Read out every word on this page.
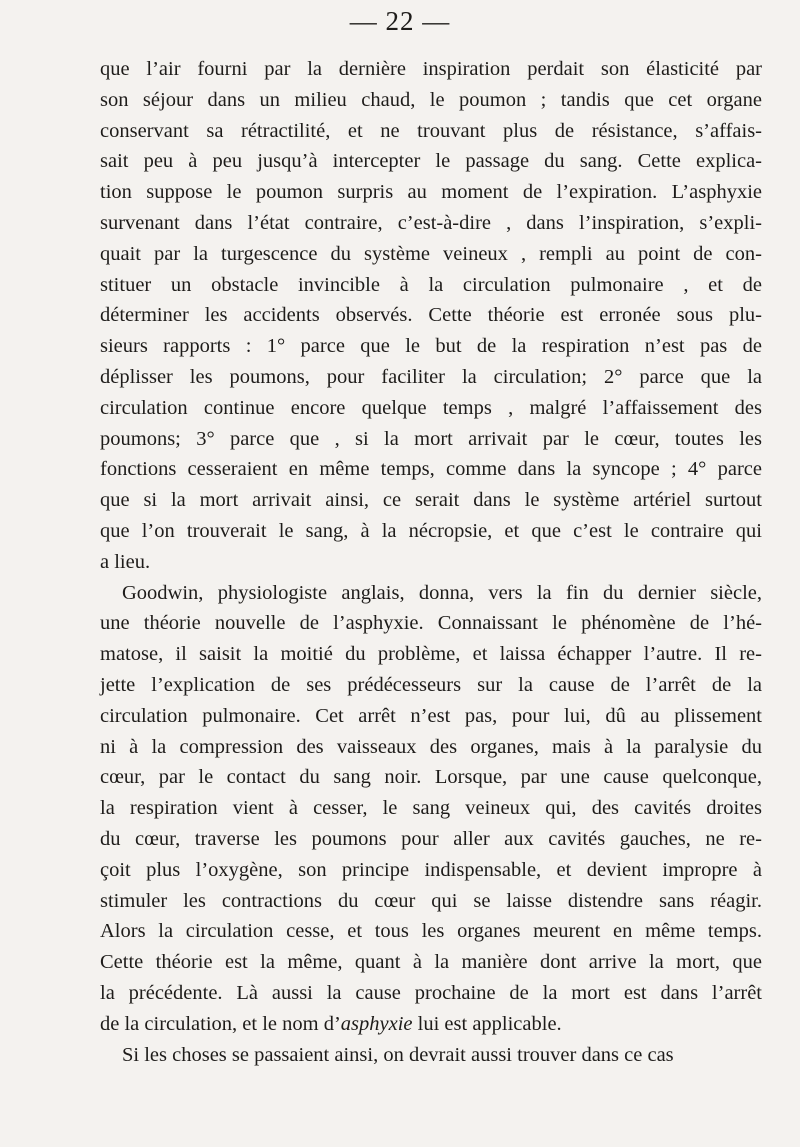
— 22 —
que l’air fourni par la dernière inspiration perdait son élasticité par
son séjour dans un milieu chaud, le poumon ; tandis que cet organe
conservant sa rétractilité, et ne trouvant plus de résistance, s’affais-
sait peu à peu jusqu’à intercepter le passage du sang. Cette explica-
tion suppose le poumon surpris au moment de l’expiration. L’asphyxie
survenant dans l’état contraire, c’est-à-dire , dans l’inspiration, s’expli-
quait par la turgescence du système veineux , rempli au point de con-
stituer un obstacle invincible à la circulation pulmonaire , et de
déterminer les accidents observés. Cette théorie est erronée sous plu-
sieurs rapports : 1° parce que le but de la respiration n’est pas de
déplisser les poumons, pour faciliter la circulation; 2° parce que la
circulation continue encore quelque temps , malgré l’affaissement des
poumons; 3° parce que , si la mort arrivait par le cœur, toutes les
fonctions cesseraient en même temps, comme dans la syncope ; 4° parce
que si la mort arrivait ainsi, ce serait dans le système artériel surtout
que l’on trouverait le sang, à la nécropsie, et que c’est le contraire qui
a lieu.
Goodwin, physiologiste anglais, donna, vers la fin du dernier siècle,
une théorie nouvelle de l’asphyxie. Connaissant le phénomène de l’hé-
matose, il saisit la moitié du problème, et laissa échapper l’autre. Il re-
jette l’explication de ses prédécesseurs sur la cause de l’arrêt de la
circulation pulmonaire. Cet arrêt n’est pas, pour lui, dû au plissement
ni à la compression des vaisseaux des organes, mais à la paralysie du
cœur, par le contact du sang noir. Lorsque, par une cause quelconque,
la respiration vient à cesser, le sang veineux qui, des cavités droites
du cœur, traverse les poumons pour aller aux cavités gauches, ne re-
çoit plus l’oxygène, son principe indispensable, et devient impropre à
stimuler les contractions du cœur qui se laisse distendre sans réagir.
Alors la circulation cesse, et tous les organes meurent en même temps.
Cette théorie est la même, quant à la manière dont arrive la mort, que
la précédente. Là aussi la cause prochaine de la mort est dans l’arrêt
de la circulation, et le nom d’asphyxie lui est applicable.
Si les choses se passaient ainsi, on devrait aussi trouver dans ce cas
